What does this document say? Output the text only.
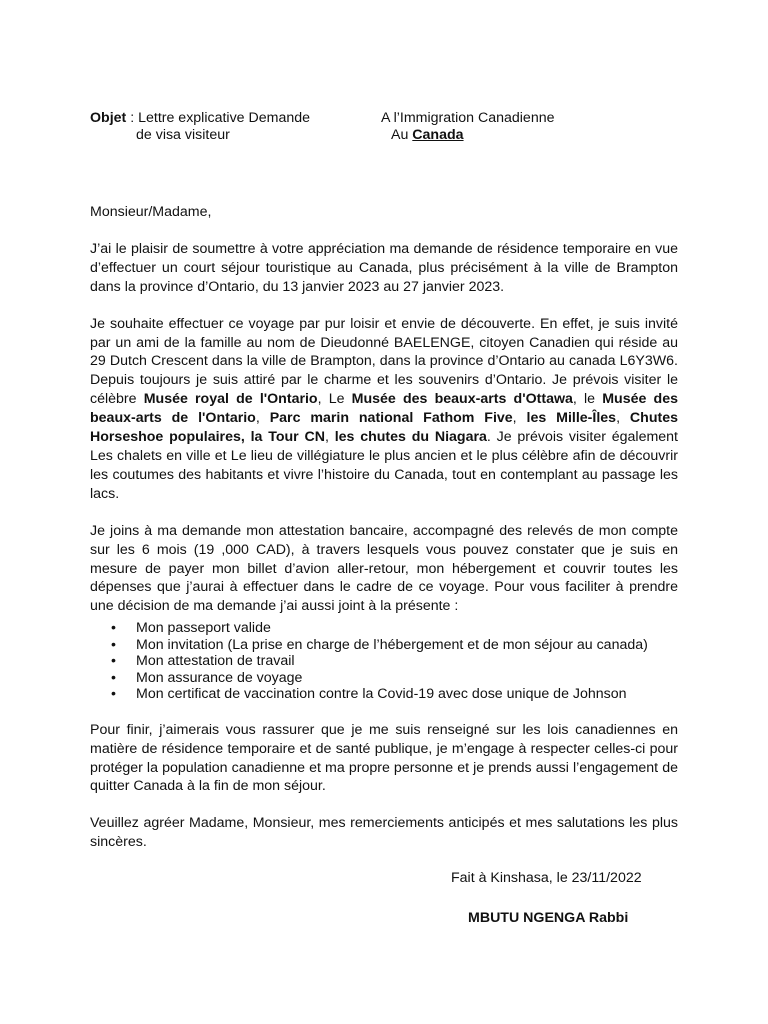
Objet : Lettre explicative Demande
de visa visiteur
A l’Immigration Canadienne
Au Canada

Monsieur/Madame,

J’ai le plaisir de soumettre à votre appréciation ma demande de résidence temporaire en vue d’effectuer un court séjour touristique au Canada, plus précisément à la ville de Brampton dans la province d’Ontario, du 13 janvier 2023 au 27 janvier 2023.

Je souhaite effectuer ce voyage par pur loisir et envie de découverte. En effet, je suis invité par un ami de la famille au nom de Dieudonné BAELENGE, citoyen Canadien qui réside au 29 Dutch Crescent dans la ville de Brampton, dans la province d’Ontario au canada L6Y3W6. Depuis toujours je suis attiré par le charme et les souvenirs d’Ontario. Je prévois visiter le célèbre Musée royal de l'Ontario, Le Musée des beaux-arts d'Ottawa, le Musée des beaux-arts de l'Ontario, Parc marin national Fathom Five, les Mille-Îles, Chutes Horseshoe populaires, la Tour CN, les chutes du Niagara. Je prévois visiter également Les chalets en ville et Le lieu de villégiature le plus ancien et le plus célèbre afin de découvrir les coutumes des habitants et vivre l’histoire du Canada, tout en contemplant au passage les lacs.

Je joins à ma demande mon attestation bancaire, accompagné des relevés de mon compte sur les 6 mois (19 ,000 CAD), à travers lesquels vous pouvez constater que je suis en mesure de payer mon billet d’avion aller-retour, mon hébergement et couvrir toutes les dépenses que j’aurai à effectuer dans le cadre de ce voyage. Pour vous faciliter à prendre une décision de ma demande j’ai aussi joint à la présente :

• Mon passeport valide
• Mon invitation (La prise en charge de l’hébergement et de mon séjour au canada)
• Mon attestation de travail
• Mon assurance de voyage
• Mon certificat de vaccination contre la Covid-19 avec dose unique de Johnson

Pour finir, j’aimerais vous rassurer que je me suis renseigné sur les lois canadiennes en matière de résidence temporaire et de santé publique, je m’engage à respecter celles-ci pour protéger la population canadienne et ma propre personne et je prends aussi l’engagement de quitter Canada à la fin de mon séjour.

Veuillez agréer Madame, Monsieur, mes remerciements anticipés et mes salutations les plus sincères.

Fait à Kinshasa, le 23/11/2022
MBUTU NGENGA Rabbi
